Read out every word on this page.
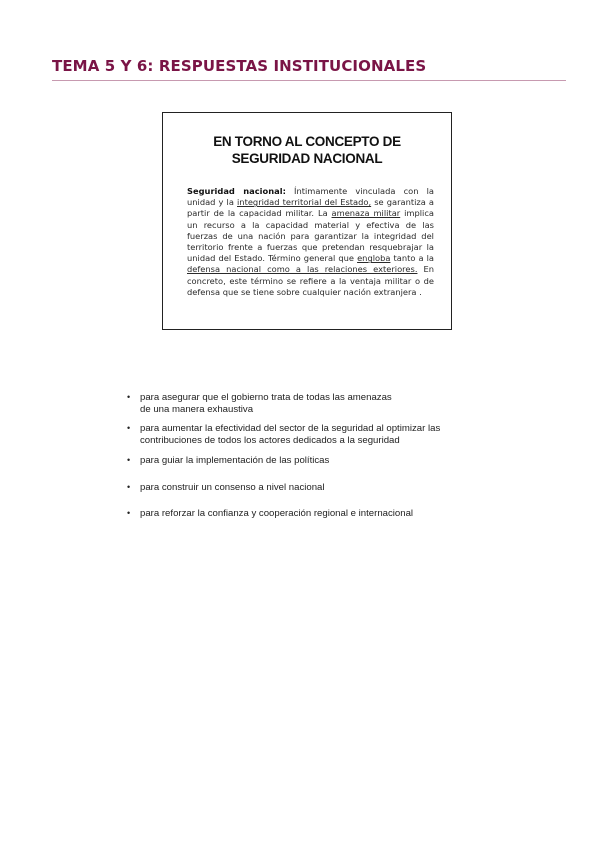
TEMA 5 Y 6: RESPUESTAS INSTITUCIONALES
EN TORNO AL CONCEPTO DE
SEGURIDAD NACIONAL
Seguridad nacional: Íntimamente vinculada con la unidad y la integridad territorial del Estado, se garantiza a partir de la capacidad militar. La amenaza militar implica un recurso a la capacidad material y efectiva de las fuerzas de una nación para garantizar la integridad del territorio frente a fuerzas que pretendan resquebrajar la unidad del Estado. Término general que engloba tanto a la defensa nacional como a las relaciones exteriores. En concreto, este término se refiere a la ventaja militar o de defensa que se tiene sobre cualquier nación extranjera .
• para asegurar que el gobierno trata de todas las amenazas
de una manera exhaustiva
• para aumentar la efectividad del sector de la seguridad al optimizar las
contribuciones de todos los actores dedicados a la seguridad
• para guiar la implementación de las políticas
• para construir un consenso a nivel nacional
• para reforzar la confianza y cooperación regional e internacional
